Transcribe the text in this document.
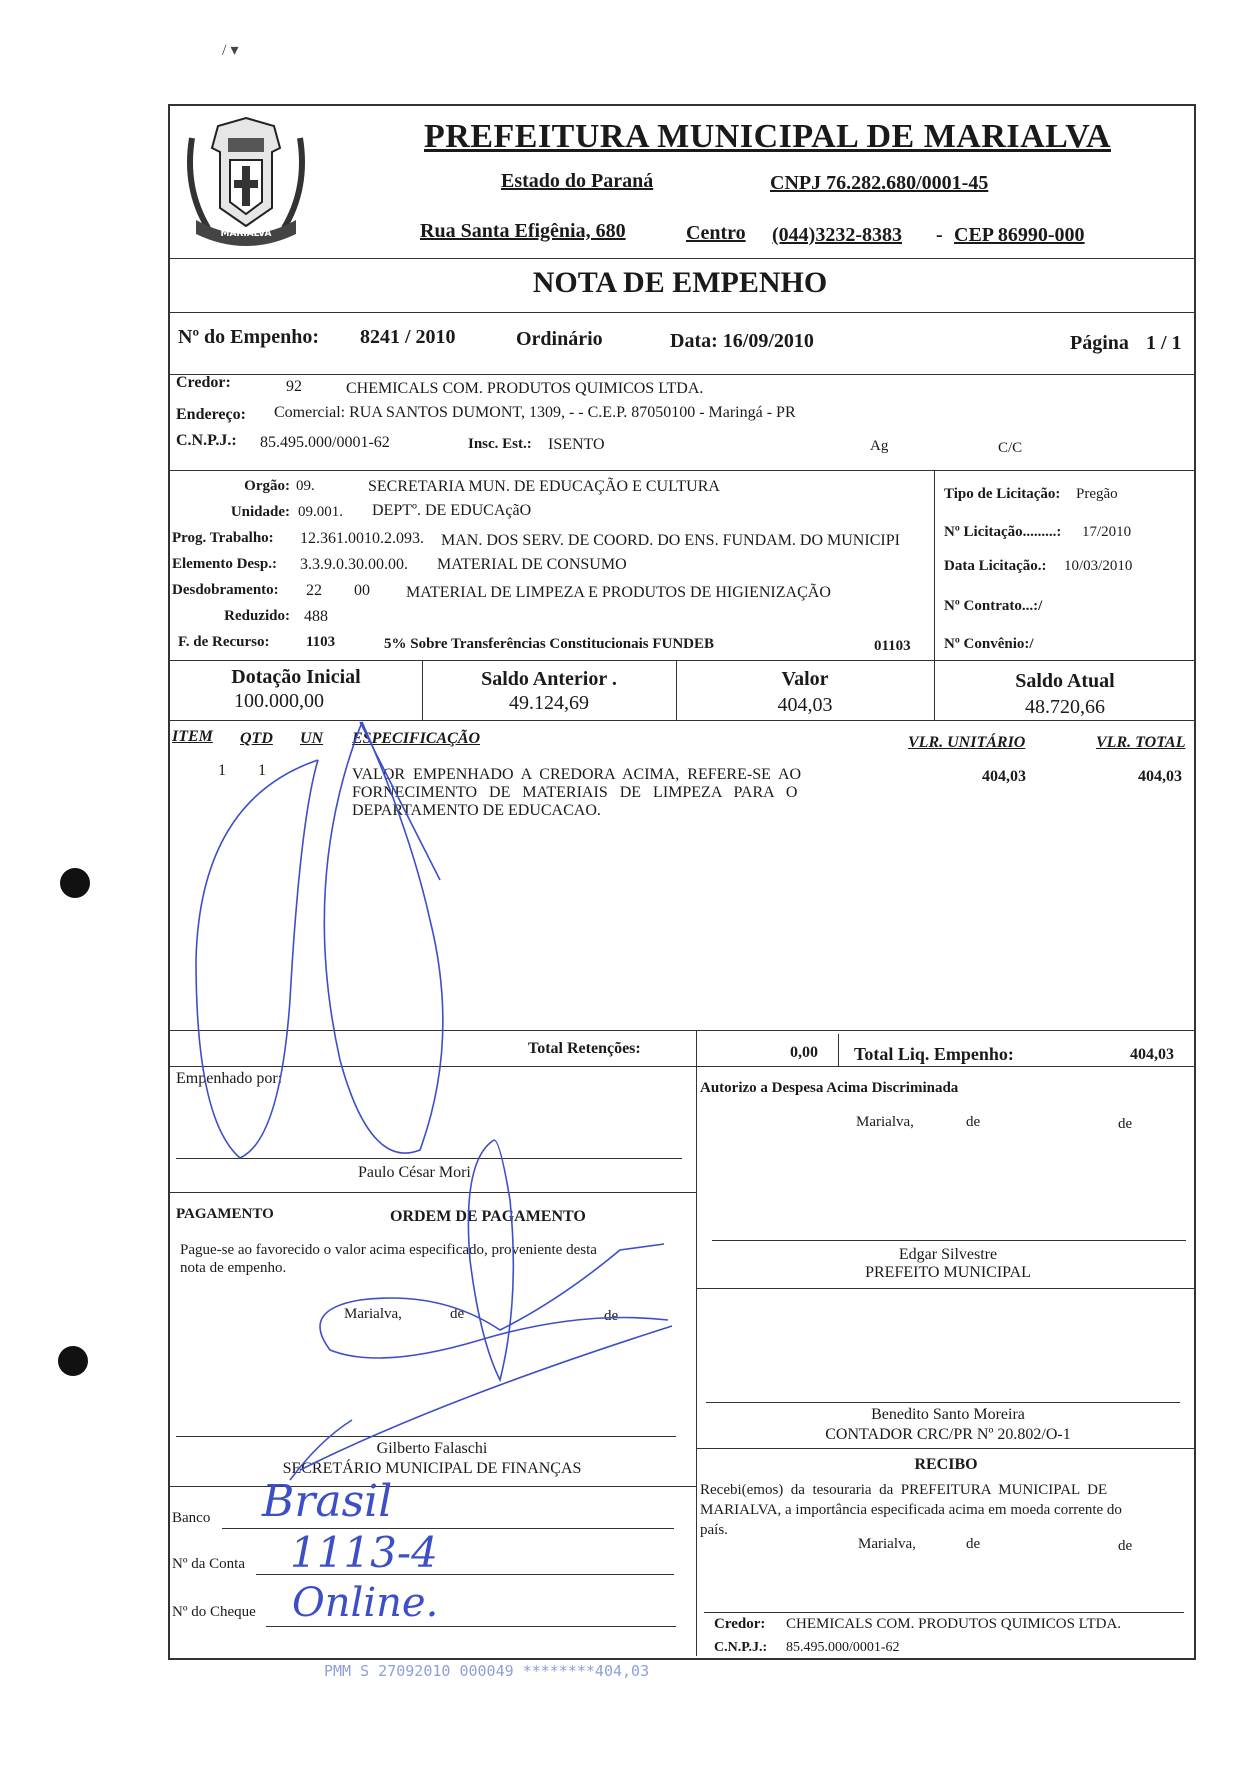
/ ▾
MARIALVA
PREFEITURA MUNICIPAL DE MARIALVA
Estado do Paraná	CNPJ 76.282.680/0001-45
Rua Santa Efigênia, 680	Centro (044)3232-8383 - CEP 86990-000
NOTA DE EMPENHO
Nº do Empenho: 8241 / 2010	Ordinário	Data: 16/09/2010	Página 1 / 1
Credor:	92	CHEMICALS COM. PRODUTOS QUIMICOS LTDA.
Endereço: Comercial: RUA SANTOS DUMONT, 1309, - - C.E.P. 87050100 - Maringá - PR
C.N.P.J.: 85.495.000/0001-62	Insc. Est.: ISENTO	Ag	C/C
Orgão: 09.	SECRETARIA MUN. DE EDUCAÇÃO E CULTURA
Unidade: 09.001. DEPTº. DE EDUCAçãO
Prog. Trabalho: 12.361.0010.2.093. MAN. DOS SERV. DE COORD. DO ENS. FUNDAM. DO MUNICIPI
Elemento Desp.: 3.3.9.0.30.00.00. MATERIAL DE CONSUMO
Desdobramento: 22 00 MATERIAL DE LIMPEZA E PRODUTOS DE HIGIENIZAÇÃO
Reduzido: 488
F. de Recurso: 1103	5% Sobre Transferências Constitucionais FUNDEB	01103
Tipo de Licitação: Pregão
Nº Licitação.........: 17/2010
Data Licitação.: 10/03/2010
Nº Contrato...:/
Nº Convênio:/
Dotação Inicial
100.000,00
Saldo Anterior .
49.124,69
Valor
404,03
Saldo Atual
48.720,66
ITEM QTD UN ESPECIFICAÇÃO	VLR. UNITÁRIO	VLR. TOTAL
1 1	VALOR  EMPENHADO  A  CREDORA  ACIMA,  REFERE-SE  AO
FORNECIMENTO   DE   MATERIAIS   DE   LIMPEZA   PARA   O
DEPARTAMENTO DE EDUCACAO.
404,03	404,03
Total Retenções:	0,00 Total Liq. Empenho:	404,03
Empenhado por:
Paulo César Mori
Autorizo a Despesa Acima Discriminada
Marialva,	de	de
Edgar Silvestre
PREFEITO MUNICIPAL
PAGAMENTO	ORDEM DE PAGAMENTO
Pague-se ao favorecido o valor acima especificado, proveniente desta
nota de empenho.
Marialva,	de	de
Gilberto Falaschi
SECRETÁRIO MUNICIPAL DE FINANÇAS
Benedito Santo Moreira
CONTADOR CRC/PR Nº 20.802/O-1
RECIBO
Recebi(emos)  da  tesouraria  da  PREFEITURA  MUNICIPAL  DE
MARIALVA, a importância especificada acima em moeda corrente do
país.
Marialva,	de	de
Credor: CHEMICALS COM. PRODUTOS QUIMICOS LTDA.
C.N.P.J.: 85.495.000/0001-62
Banco Brasil
Nº da Conta 1113-4
Nº do Cheque Online.
PMM S 27092010 000049 ********404,03
